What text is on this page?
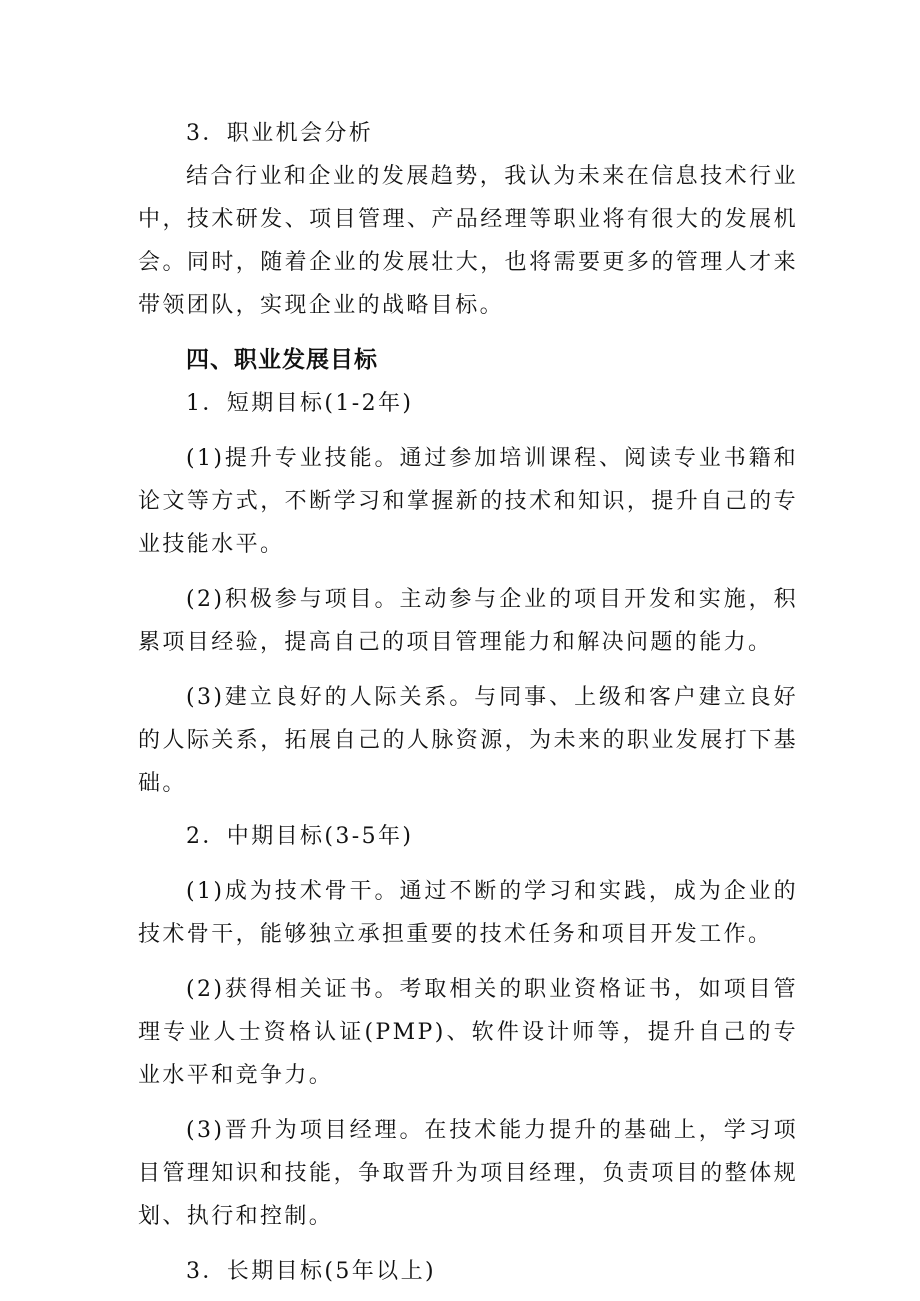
3．职业机会分析

结合行业和企业的发展趋势，我认为未来在信息技术行业中，技术研发、项目管理、产品经理等职业将有很大的发展机会。同时，随着企业的发展壮大，也将需要更多的管理人才来带领团队，实现企业的战略目标。

四、职业发展目标

1．短期目标(1-2年)

(1)提升专业技能。通过参加培训课程、阅读专业书籍和论文等方式，不断学习和掌握新的技术和知识，提升自己的专业技能水平。

(2)积极参与项目。主动参与企业的项目开发和实施，积累项目经验，提高自己的项目管理能力和解决问题的能力。

(3)建立良好的人际关系。与同事、上级和客户建立良好的人际关系，拓展自己的人脉资源，为未来的职业发展打下基础。

2．中期目标(3-5年)

(1)成为技术骨干。通过不断的学习和实践，成为企业的技术骨干，能够独立承担重要的技术任务和项目开发工作。

(2)获得相关证书。考取相关的职业资格证书，如项目管理专业人士资格认证(PMP)、软件设计师等，提升自己的专业水平和竞争力。

(3)晋升为项目经理。在技术能力提升的基础上，学习项目管理知识和技能，争取晋升为项目经理，负责项目的整体规划、执行和控制。

3．长期目标(5年以上)
